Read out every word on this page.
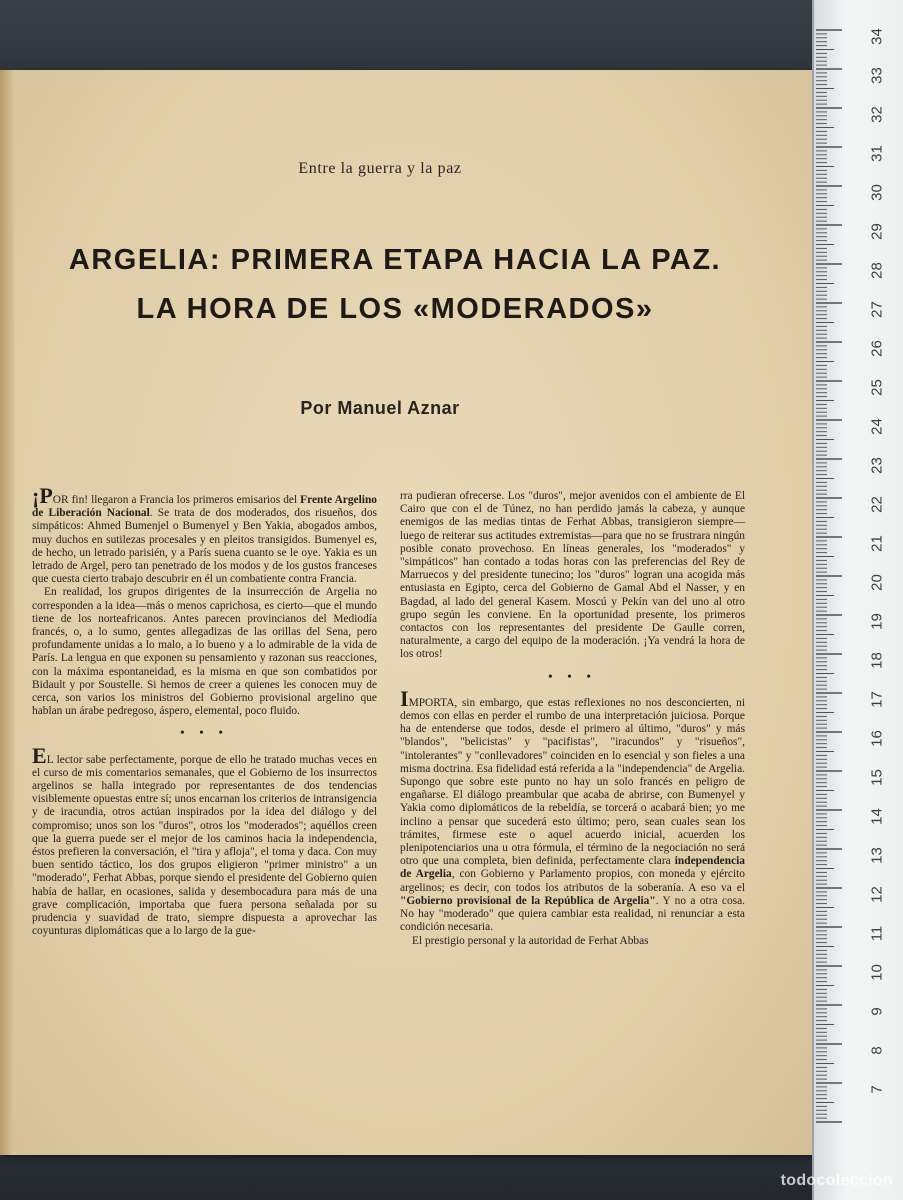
Entre la guerra y la paz
ARGELIA: PRIMERA ETAPA HACIA LA PAZ.
LA HORA DE LOS «MODERADOS»
Por Manuel Aznar

¡POR fin! llegaron a Francia los primeros emisarios del Frente Argelino de Liberación Nacional. Se trata de dos moderados, dos risueños, dos simpáticos: Ahmed Bumenjel o Bumenyel y Ben Yakia, abogados ambos, muy duchos en sutilezas procesales y en pleitos transigidos. Bumenyel es, de hecho, un letrado parisién, y a París suena cuanto se le oye. Yakia es un letrado de Argel, pero tan penetrado de los modos y de los gustos franceses que cuesta cierto trabajo descubrir en él un combatiente contra Francia.

En realidad, los grupos dirigentes de la insurrección de Argelia no corresponden a la idea—más o menos caprichosa, es cierto—que el mundo tiene de los norteafricanos. Antes parecen provincianos del Mediodía francés, o, a lo sumo, gentes allegadizas de las orillas del Sena, pero profundamente unidas a lo malo, a lo bueno y a lo admirable de la vida de París. La lengua en que exponen su pensamiento y razonan sus reacciones, con la máxima espontaneidad, es la misma en que son combatidos por Bidault y por Soustelle. Si hemos de creer a quienes les conocen muy de cerca, son varios los ministros del Gobierno provisional argelino que hablan un árabe pedregoso, áspero, elemental, poco fluido.

• • •

EL lector sabe perfectamente, porque de ello he tratado muchas veces en el curso de mis comentarios semanales, que el Gobierno de los insurrectos argelinos se halla integrado por representantes de dos tendencias visiblemente opuestas entre sí; unos encarnan los criterios de intransigencia y de iracundia, otros actúan inspirados por la idea del diálogo y del compromiso; unos son los "duros", otros los "moderados"; aquéllos creen que la guerra puede ser el mejor de los caminos hacia la independencia, éstos prefieren la conversación, el "tira y afloja", el toma y daca. Con muy buen sentido táctico, los dos grupos eligieron "primer ministro" a un "moderado", Ferhat Abbas, porque siendo el presidente del Gobierno quien había de hallar, en ocasiones, salida y desembocadura para más de una grave complicación, importaba que fuera persona señalada por su prudencia y suavidad de trato, siempre dispuesta a aprovechar las coyunturas diplomáticas que a lo largo de la gue-

rra pudieran ofrecerse. Los "duros", mejor avenidos con el ambiente de El Cairo que con el de Túnez, no han perdido jamás la cabeza, y aunque enemigos de las medias tintas de Ferhat Abbas, transigieron siempre—luego de reiterar sus actitudes extremistas—para que no se frustrara ningún posible conato provechoso. En líneas generales, los "moderados" y "simpáticos" han contado a todas horas con las preferencias del Rey de Marruecos y del presidente tunecino; los "duros" logran una acogida más entusiasta en Egipto, cerca del Gobierno de Gamal Abd el Nasser, y en Bagdad, al lado del general Kasem. Moscú y Pekín van del uno al otro grupo según les conviene. En la oportunidad presente, los primeros contactos con los representantes del presidente De Gaulle corren, naturalmente, a cargo del equipo de la moderación. ¡Ya vendrá la hora de los otros!

• • •

IMPORTA, sin embargo, que estas reflexiones no nos desconcierten, ni demos con ellas en perder el rumbo de una interpretación juiciosa. Porque ha de entenderse que todos, desde el primero al último, "duros" y más "blandos", "belicistas" y "pacifistas", "iracundos" y "risueños", "intolerantes" y "conllevadores" coinciden en lo esencial y son fieles a una misma doctrina. Esa fidelidad está referida a la "independencia" de Argelia. Supongo que sobre este punto no hay un solo francés en peligro de engañarse. El diálogo preambular que acaba de abrirse, con Bumenyel y Yakia como diplomáticos de la rebeldía, se torcerá o acabará bien; yo me inclino a pensar que sucederá esto último; pero, sean cuales sean los trámites, firmese este o aquel acuerdo inicial, acuerden los plenipotenciarios una u otra fórmula, el término de la negociación no será otro que una completa, bien definida, perfectamente clara independencia de Argelia, con Gobierno y Parlamento propios, con moneda y ejército argelinos; es decir, con todos los atributos de la soberanía. A eso va el "Gobierno provisional de la República de Argelia". Y no a otra cosa. No hay "moderado" que quiera cambiar esta realidad, ni renunciar a esta condición necesaria.

El prestigio personal y la autoridad de Ferhat Abbas

34
33
32
31
30
29
28
27
26
25
24
23
22
21
20
19
18
17
16
15
14
13
12
11
10
9
8
7
todocoleccion
